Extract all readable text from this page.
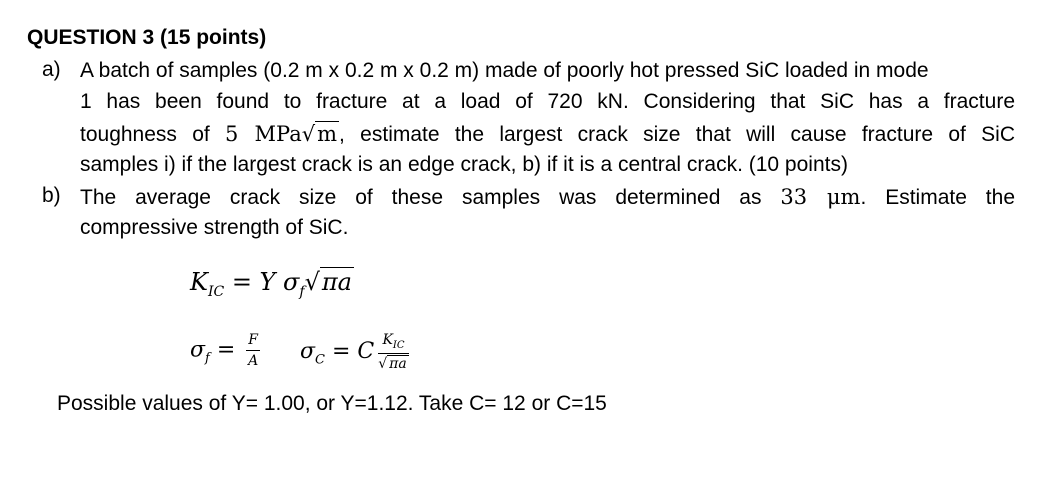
QUESTION 3 (15 points)
a) A batch of samples (0.2 m x 0.2 m x 0.2 m) made of poorly hot pressed SiC loaded in mode
1 has been found to fracture at a load of 720 kN. Considering that SiC has a fracture
toughness of 5 MPa√m, estimate the largest crack size that will cause fracture of SiC
samples i) if the largest crack is an edge crack, b) if it is a central crack. (10 points)
b) The average crack size of these samples was determined as 33 μm. Estimate the
compressive strength of SiC.
$K_{IC} = Y$ $\sigma_f√\pi a$
$\sigma_f = \frac{F}{A} \sigma_C = C \frac{K_{IC}}{√ \pi a}$
Possible values of Y= 1.00, or Y=1.12. Take C= 12 or C=15
